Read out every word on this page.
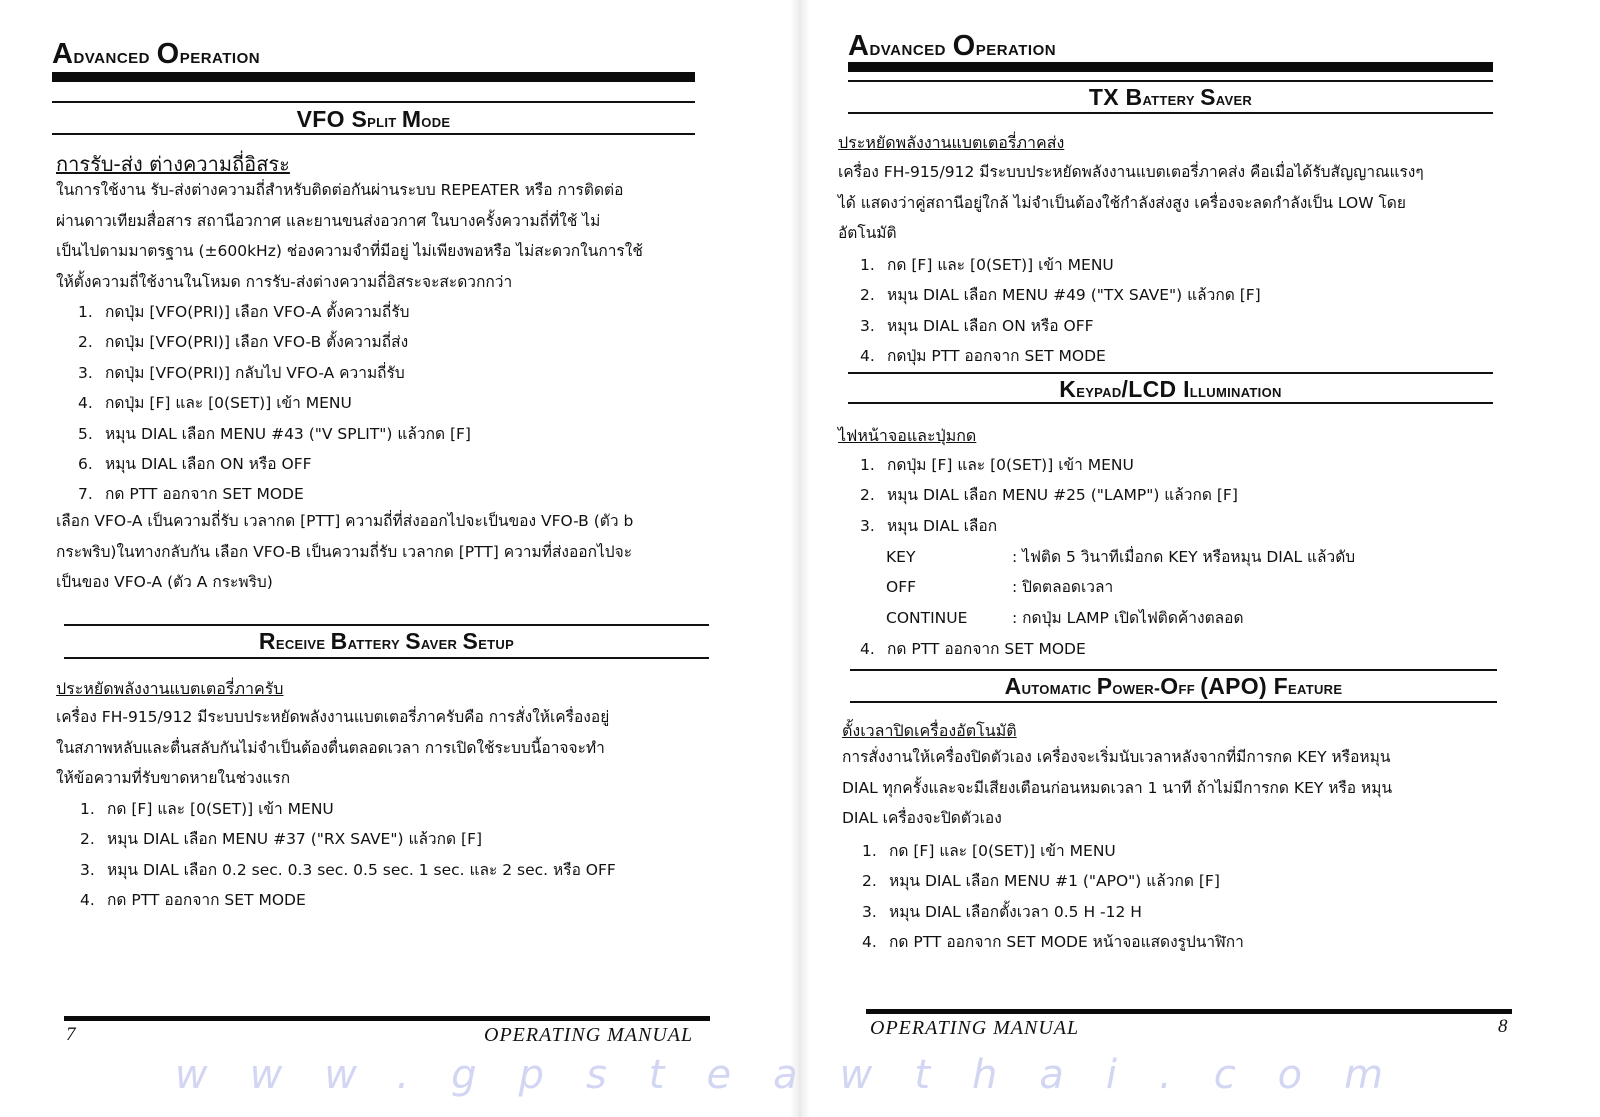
Advanced Operation
VFO Split Mode
การรับ-ส่ง ต่างความถี่อิสระ

ในการใช้งาน รับ-ส่งต่างความถี่สำหรับติดต่อกันผ่านระบบ REPEATER หรือ การติดต่อ

ผ่านดาวเทียมสื่อสาร สถานีอวกาศ และยานขนส่งอวกาศ ในบางครั้งความถี่ที่ใช้ ไม่

เป็นไปตามมาตรฐาน (±600kHz) ช่องความจำที่มีอยู่ ไม่เพียงพอหรือ ไม่สะดวกในการใช้

ให้ตั้งความถี่ใช้งานในโหมด การรับ-ส่งต่างความถี่อิสระจะสะดวกกว่า

1. กดปุ่ม [VFO(PRI)] เลือก VFO-A ตั้งความถี่รับ
2. กดปุ่ม [VFO(PRI)] เลือก VFO-B ตั้งความถี่ส่ง
3. กดปุ่ม [VFO(PRI)] กลับไป VFO-A ความถี่รับ
4. กดปุ่ม [F] และ [0(SET)] เข้า MENU
5. หมุน DIAL เลือก MENU #43 ("V SPLIT") แล้วกด [F]
6. หมุน DIAL เลือก ON หรือ OFF
7. กด PTT ออกจาก SET MODE

เลือก VFO-A เป็นความถี่รับ เวลากด [PTT] ความถี่ที่ส่งออกไปจะเป็นของ VFO-B (ตัว b

กระพริบ)ในทางกลับกัน เลือก VFO-B เป็นความถี่รับ เวลากด [PTT] ความที่ส่งออกไปจะ

เป็นของ VFO-A (ตัว A กระพริบ)

Receive Battery Saver Setup
ประหยัดพลังงานแบตเตอรี่ภาครับ

เครื่อง FH-915/912 มีระบบประหยัดพลังงานแบตเตอรี่ภาครับคือ การสั่งให้เครื่องอยู่

ในสภาพหลับและตื่นสลับกันไม่จำเป็นต้องตื่นตลอดเวลา การเปิดใช้ระบบนี้อาจจะทำ

ให้ข้อความที่รับขาดหายในช่วงแรก

1. กด [F] และ [0(SET)] เข้า MENU
2. หมุน DIAL เลือก MENU #37 ("RX SAVE") แล้วกด [F]
3. หมุน DIAL เลือก 0.2 sec. 0.3 sec. 0.5 sec. 1 sec. และ 2 sec. หรือ OFF
4. กด PTT ออกจาก SET MODE
7	OPERATING MANUAL
Advanced Operation
TX Battery Saver
ประหยัดพลังงานแบตเตอรี่ภาคส่ง

เครื่อง FH-915/912 มีระบบประหยัดพลังงานแบตเตอรี่ภาคส่ง คือเมื่อได้รับสัญญาณแรงๆ

ได้ แสดงว่าคู่สถานีอยู่ใกล้ ไม่จำเป็นต้องใช้กำลังส่งสูง เครื่องจะลดกำลังเป็น LOW โดย

อัตโนมัติ

1. กด [F] และ [0(SET)] เข้า MENU
2. หมุน DIAL เลือก MENU #49 ("TX SAVE") แล้วกด [F]
3. หมุน DIAL เลือก ON หรือ OFF
4. กดปุ่ม PTT ออกจาก SET MODE
Keypad/LCD Illumination
ไฟหน้าจอและปุ่มกด
1. กดปุ่ม [F] และ [0(SET)] เข้า MENU
2. หมุน DIAL เลือก MENU #25 ("LAMP") แล้วกด [F]
3. หมุน DIAL เลือก
KEY	: ไฟติด 5 วินาทีเมื่อกด KEY หรือหมุน DIAL แล้วดับ
OFF	: ปิดตลอดเวลา
CONTINUE	: กดปุ่ม LAMP เปิดไฟติดค้างตลอด
4. กด PTT ออกจาก SET MODE
Automatic Power-Off (APO) Feature
ตั้งเวลาปิดเครื่องอัตโนมัติ

การสั่งงานให้เครื่องปิดตัวเอง เครื่องจะเริ่มนับเวลาหลังจากที่มีการกด KEY หรือหมุน

DIAL ทุกครั้งและจะมีเสียงเตือนก่อนหมดเวลา 1 นาที ถ้าไม่มีการกด KEY หรือ หมุน

DIAL เครื่องจะปิดตัวเอง

1. กด [F] และ [0(SET)] เข้า MENU
2. หมุน DIAL เลือก MENU #1 ("APO") แล้วกด [F]
3. หมุน DIAL เลือกตั้งเวลา 0.5 H -12 H
4. กด PTT ออกจาก SET MODE หน้าจอแสดงรูปนาฬิกา
OPERATING MANUAL	8
www.gpsteawthai.com
